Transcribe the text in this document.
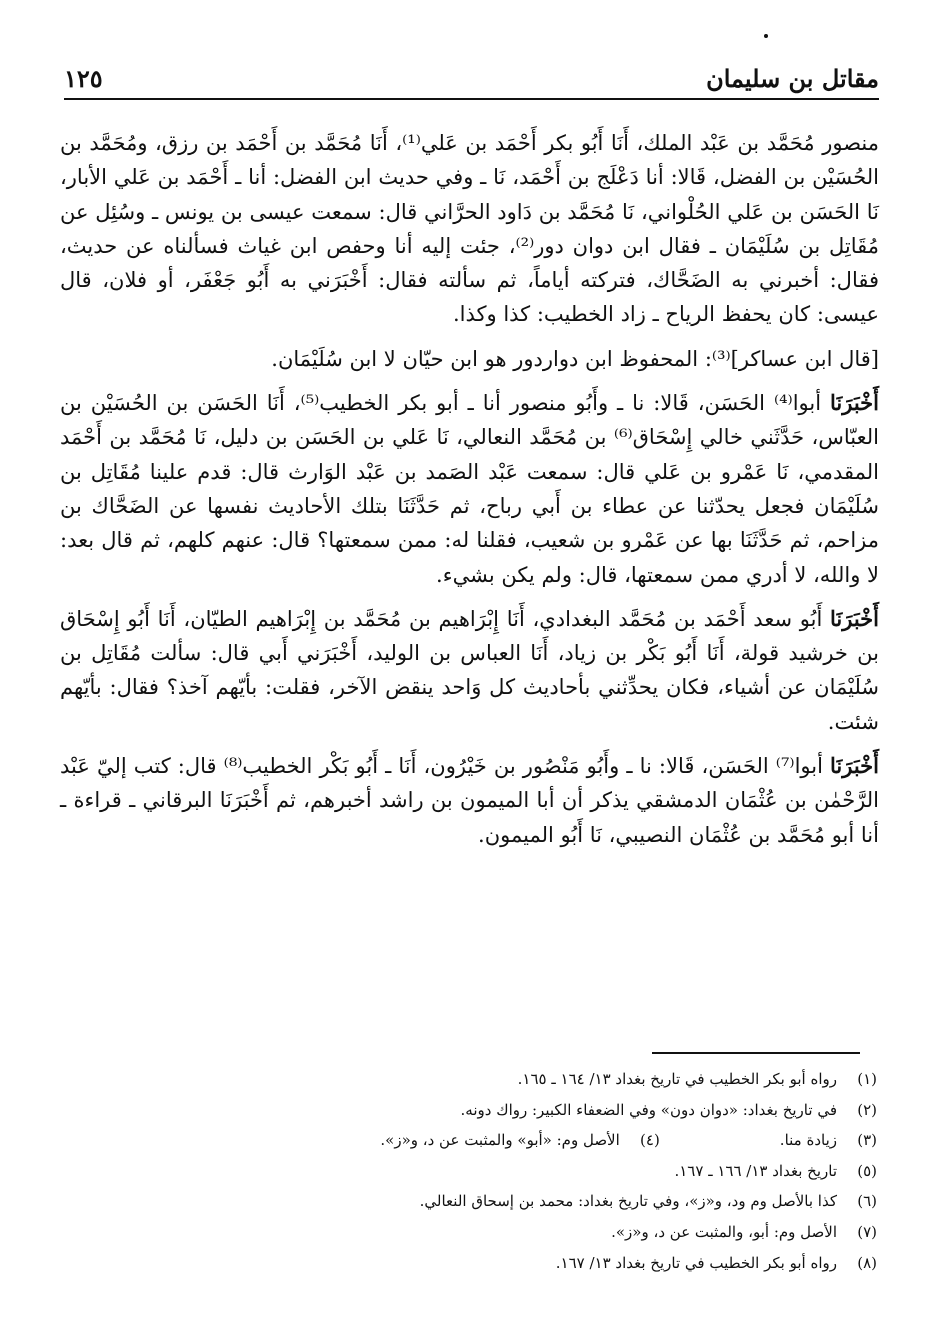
مقاتل بن سليمان
١٢٥

منصور مُحَمَّد بن عَبْد الملك، أَنَا أَبُو بكر أَحْمَد بن عَلي⁽¹⁾، أَنَا مُحَمَّد بن أَحْمَد بن رزق، ومُحَمَّد بن الحُسَيْن بن الفضل، قَالا: أنا دَعْلَج بن أَحْمَد، نَا ـ وفي حديث ابن الفضل: أنا ـ أَحْمَد بن عَلي الأبار، نَا الحَسَن بن عَلي الحُلْواني، نَا مُحَمَّد بن دَاود الحرَّاني قال: سمعت عيسى بن يونس ـ وسُئِل عن مُقَاتِل بن سُلَيْمَان ـ فقال ابن دوان دور⁽²⁾، جئت إليه أنا وحفص ابن غياث فسألناه عن حديث، فقال: أخبرني به الضَحَّاك، فتركته أياماً، ثم سألته فقال: أَخْبَرَني به أَبُو جَعْفَر، أو فلان، قال عيسى: كان يحفظ الرياح ـ زاد الخطيب: كذا وكذا.

[قال ابن عساكر]⁽³⁾: المحفوظ ابن دواردور هو ابن حيّان لا ابن سُلَيْمَان.

أَخْبَرَنَا أبوا⁽⁴⁾ الحَسَن، قَالا: نا ـ وأَبُو منصور أنا ـ أبو بكر الخطيب⁽⁵⁾، أَنَا الحَسَن بن الحُسَيْن بن العبّاس، حَدَّثَني خالي إِسْحَاق⁽⁶⁾ بن مُحَمَّد النعالي، نَا عَلي بن الحَسَن بن دليل، نَا مُحَمَّد بن أَحْمَد المقدمي، نَا عَمْرو بن عَلي قال: سمعت عَبْد الصَمد بن عَبْد الوَارث قال: قدم علينا مُقَاتِل بن سُلَيْمَان فجعل يحدّثنا عن عطاء بن أَبي رباح، ثم حَدَّثَنَا بتلك الأحاديث نفسها عن الضَحَّاك بن مزاحم، ثم حَدَّثَنَا بها عن عَمْرو بن شعيب، فقلنا له: ممن سمعتها؟ قال: عنهم كلهم، ثم قال بعد: لا والله، لا أدري ممن سمعتها، قال: ولم يكن بشيء.

أَخْبَرَنَا أَبُو سعد أَحْمَد بن مُحَمَّد البغدادي، أَنَا إِبْرَاهيم بن مُحَمَّد بن إِبْرَاهيم الطيّان، أَنَا أَبُو إِسْحَاق بن خرشيد قولة، أَنَا أَبُو بَكْر بن زياد، أَنَا العباس بن الوليد، أَخْبَرَني أَبي قال: سألت مُقَاتِل بن سُلَيْمَان عن أشياء، فكان يحدِّثني بأحاديث كل وَاحد ينقض الآخر، فقلت: بأيّهم آخذ؟ فقال: بأيّهم شئت.

أَخْبَرَنَا أبوا⁽⁷⁾ الحَسَن، قَالا: نا ـ وأَبُو مَنْصُور بن خَيْرُون، أَنَا ـ أَبُو بَكْر الخطيب⁽⁸⁾ قال: كتب إليّ عَبْد الرَّحْمٰن بن عُثْمَان الدمشقي يذكر أن أبا الميمون بن راشد أخبرهم، ثم أَخْبَرَنَا البرقاني ـ قراءة ـ أنا أبو مُحَمَّد بن عُثْمَان النصيبي، نَا أَبُو الميمون.

(١)
رواه أبو بكر الخطيب في تاريخ بغداد ١٣/ ١٦٤ ـ ١٦٥.
(٢)
في تاريخ بغداد: «دوان دون» وفي الضعفاء الكبير: رواك دونه.
(٣)
زيادة منا.
(٤)
الأصل وم: «أبو» والمثبت عن د، و«ز».
(٥)
تاريخ بغداد ١٣/ ١٦٦ ـ ١٦٧.
(٦)
كذا بالأصل وم ود، و«ز»، وفي تاريخ بغداد: محمد بن إسحاق النعالي.
(٧)
الأصل وم: أبو، والمثبت عن د، و«ز».
(٨)
رواه أبو بكر الخطيب في تاريخ بغداد ١٣/ ١٦٧.
